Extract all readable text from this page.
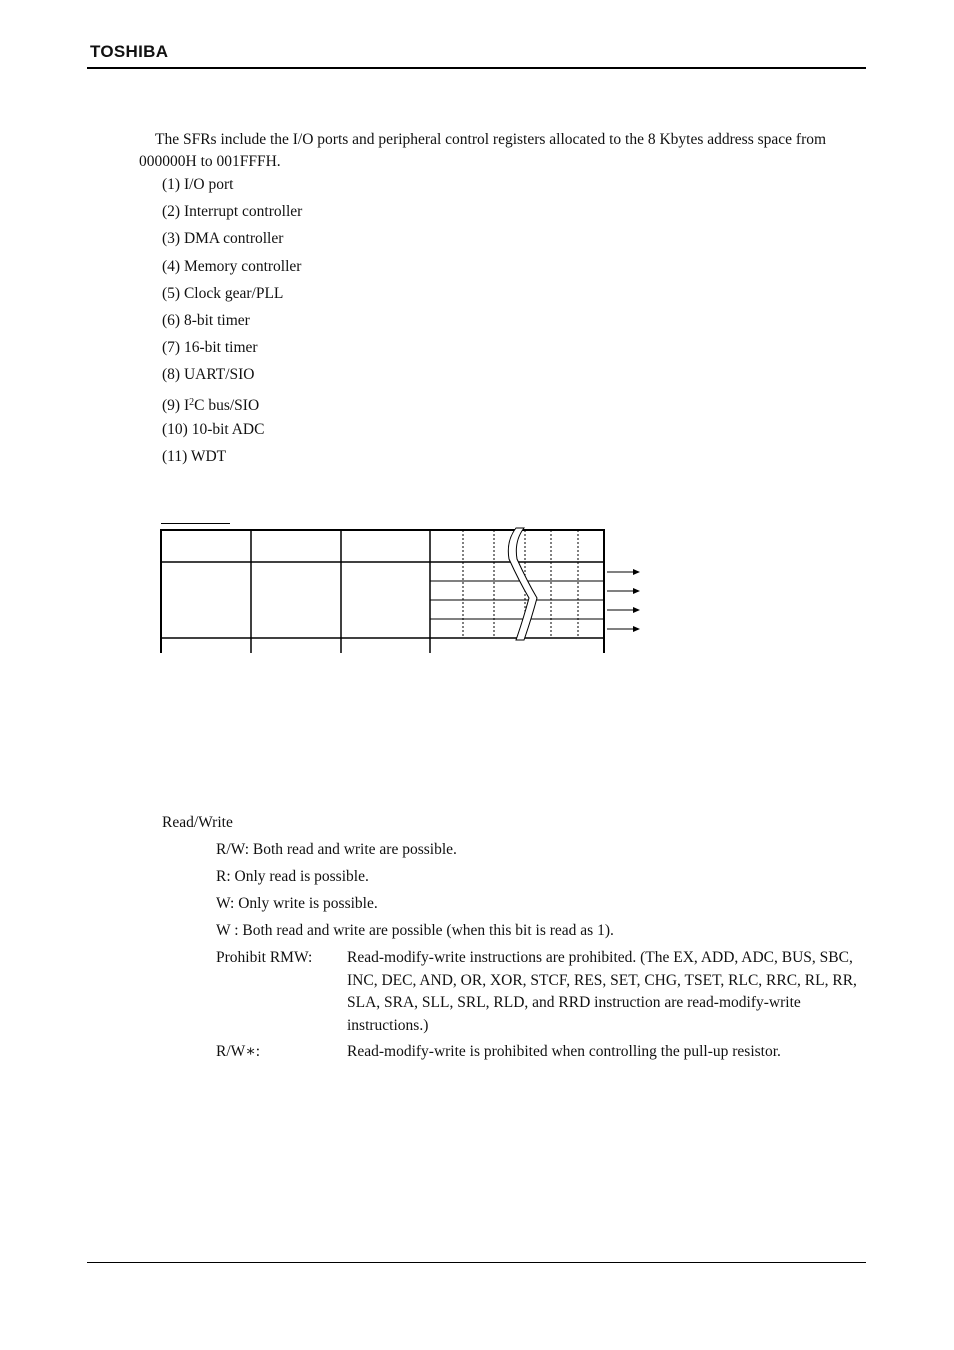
TOSHIBA
The SFRs include the I/O ports and peripheral control registers allocated to the 8 Kbytes address space from 000000H to 001FFFH.
(1) I/O port
(2) Interrupt controller
(3) DMA controller
(4) Memory controller
(5) Clock gear/PLL
(6) 8-bit timer
(7) 16-bit timer
(8) UART/SIO
(9) $I^2C$ bus/SIO
(10) 10-bit ADC
(11) WDT
Read/Write
R/W: Both read and write are possible.
R: Only read is possible.
W: Only write is possible.
W : Both read and write are possible (when this bit is read as 1).
Prohibit RMW: Read-modify-write instructions are prohibited. (The EX, ADD, ADC, BUS, SBC, INC, DEC, AND, OR, XOR, STCF, RES, SET, CHG, TSET, RLC, RRC, RL, RR, SLA, SRA, SLL, SRL, RLD, and RRD instruction are read-modify-write instructions.)
R/W∗:	Read-modify-write is prohibited when controlling the pull-up resistor.
